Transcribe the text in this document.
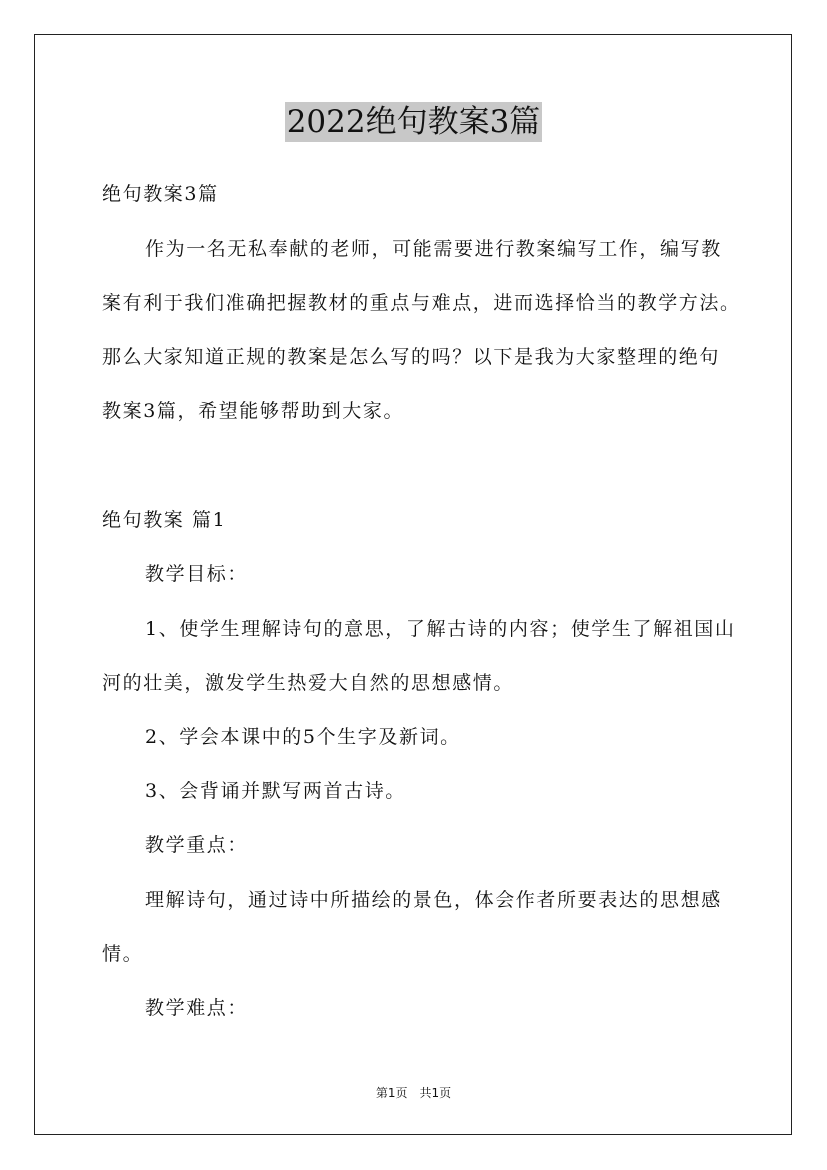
2022绝句教案3篇
绝句教案3篇
作为一名无私奉献的老师，可能需要进行教案编写工作，编写教
案有利于我们准确把握教材的重点与难点，进而选择恰当的教学方法。
那么大家知道正规的教案是怎么写的吗？以下是我为大家整理的绝句
教案3篇，希望能够帮助到大家。
绝句教案 篇1
教学目标：
1、使学生理解诗句的意思，了解古诗的内容；使学生了解祖国山
河的壮美，激发学生热爱大自然的思想感情。
2、学会本课中的5个生字及新词。
3、会背诵并默写两首古诗。
教学重点：
理解诗句，通过诗中所描绘的景色，体会作者所要表达的思想感
情。
教学难点：
第1页　共1页
